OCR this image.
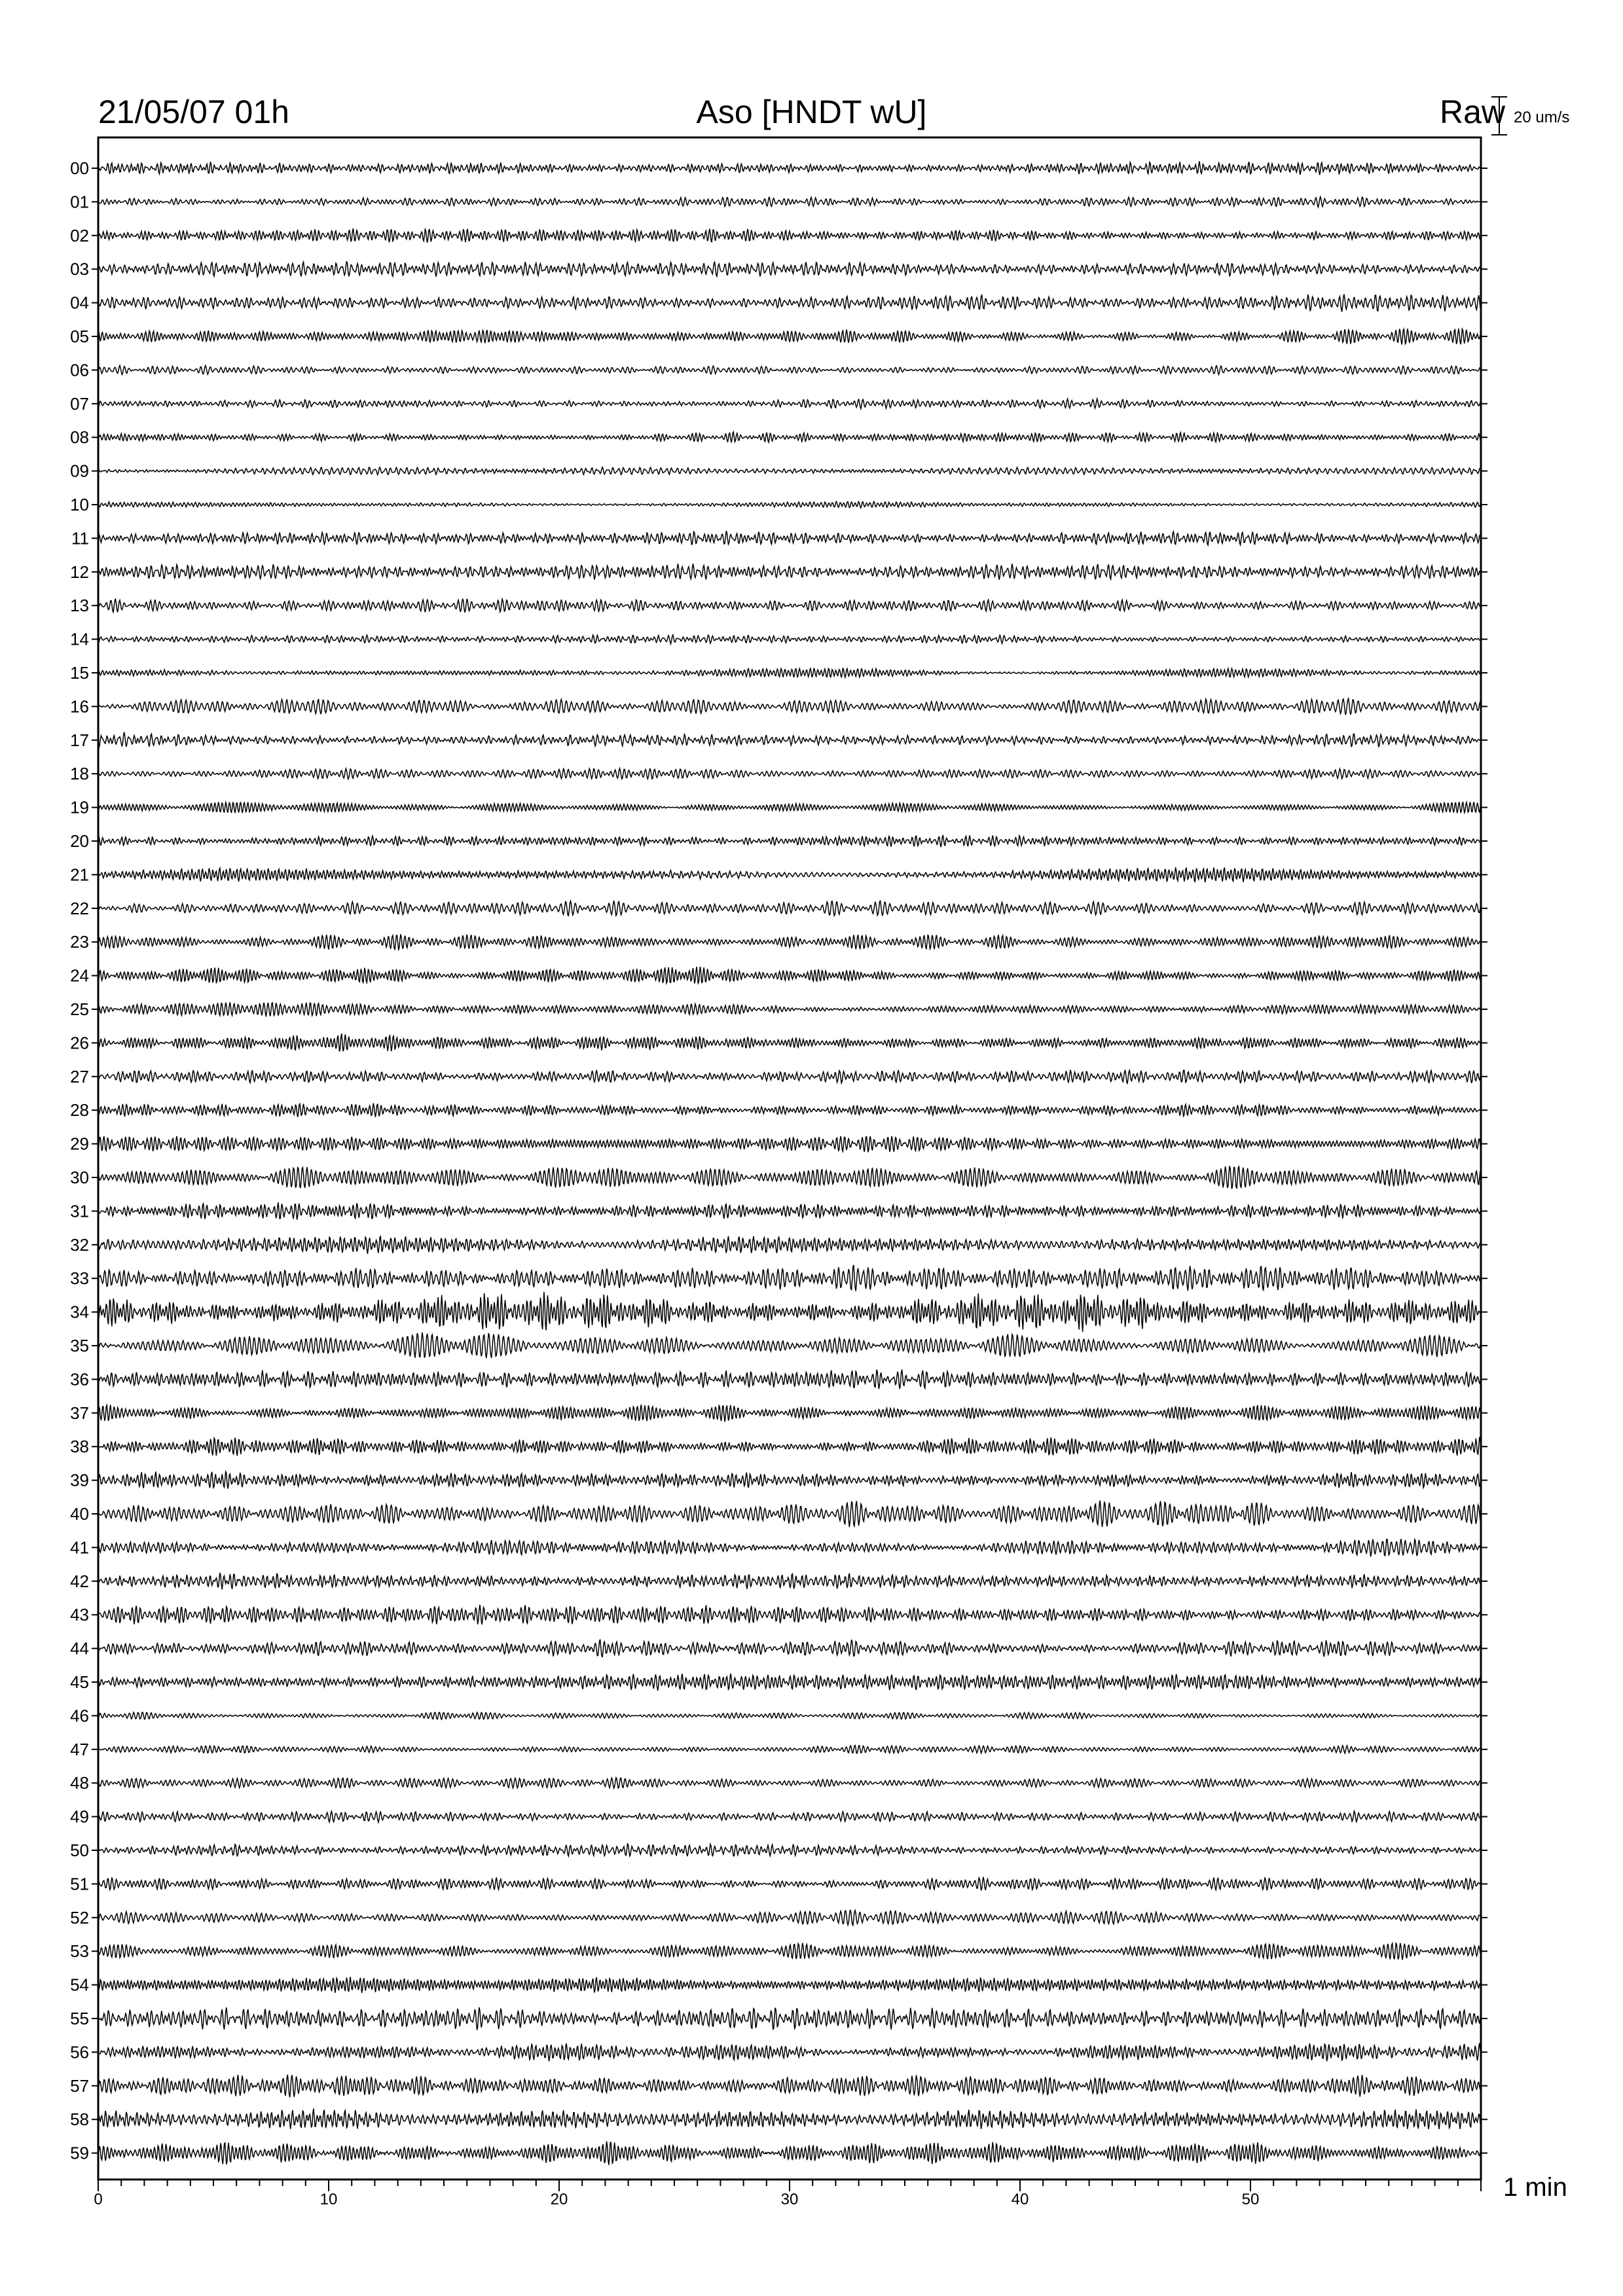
00
01
02
03
04
05
06
07
08
09
10
11
12
13
14
15
16
17
18
19
20
21
22
23
24
25
26
27
28
29
30
31
32
33
34
35
36
37
38
39
40
41
42
43
44
45
46
47
48
49
50
51
52
53
54
55
56
57
58
59
0	10	20	30	40	50
21/05/07 01h	Aso [HNDT wU]	Raw 20 um/s
1 min
